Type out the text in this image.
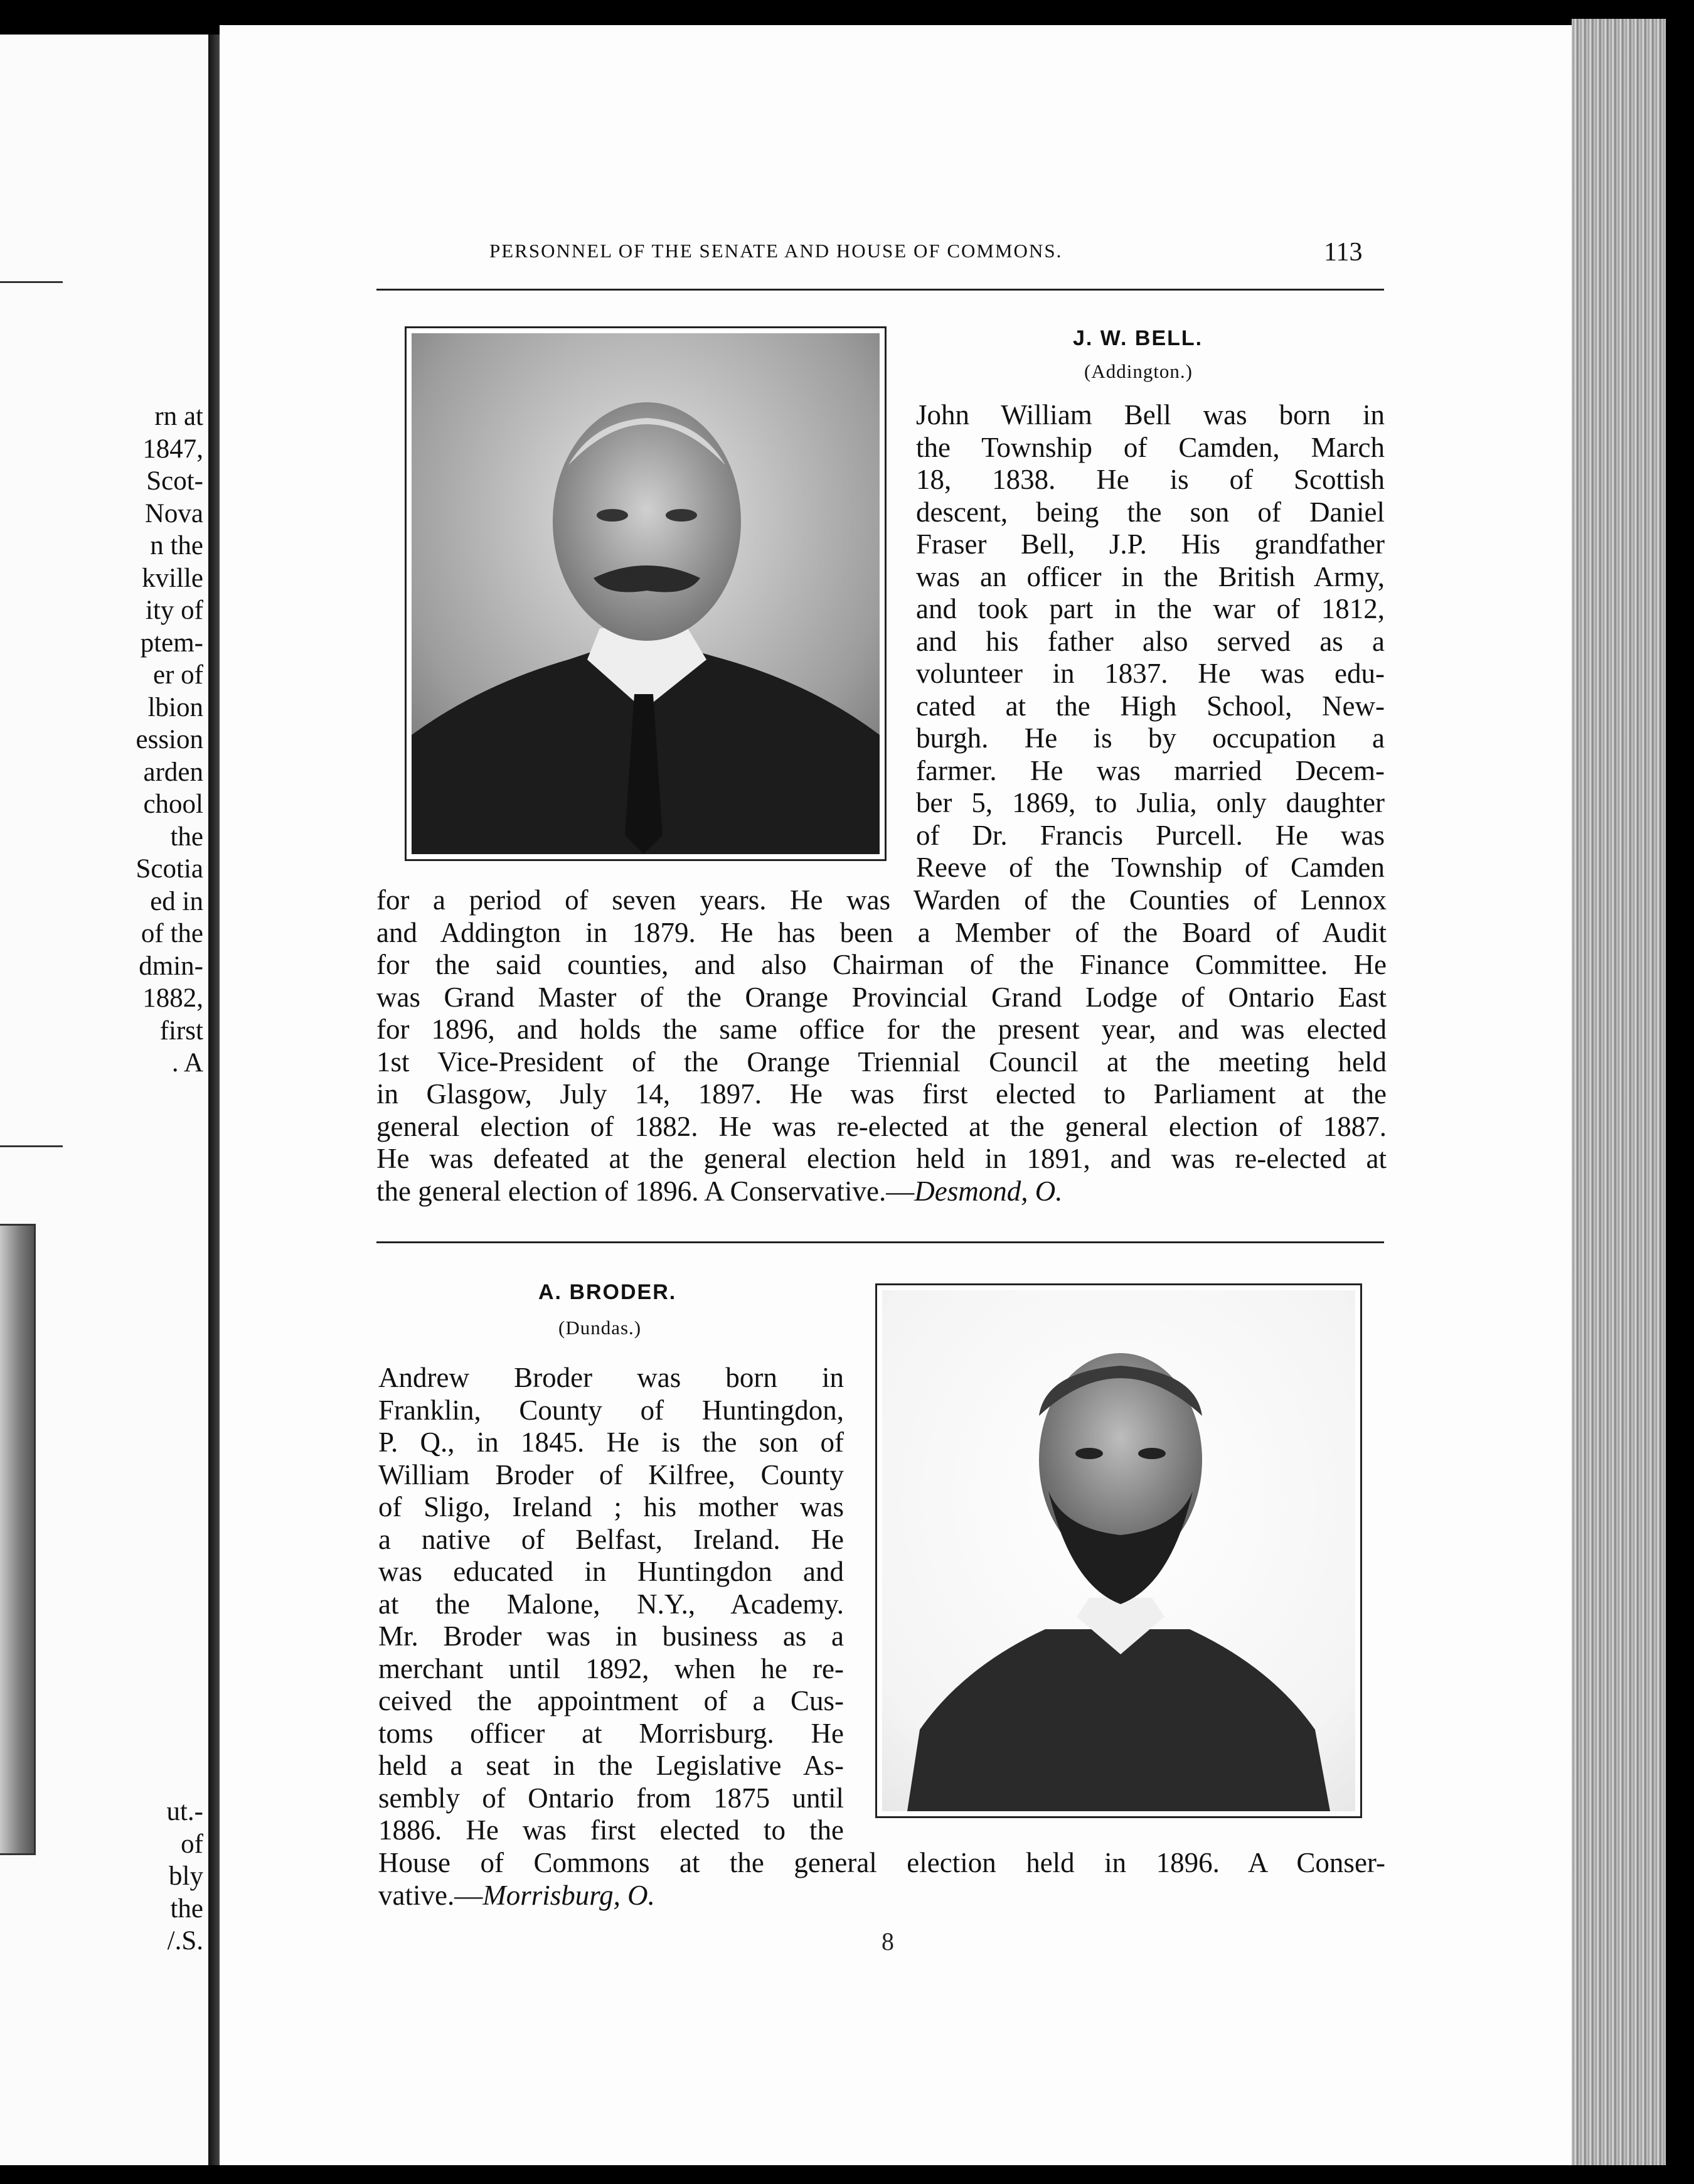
rn at
1847,
Scot-
Nova
n the
kville
ity of
ptem-
er of
lbion
ession
arden
chool
the
Scotia
ed in
of the
dmin-
1882,
first
. A
ut.-
of
bly
the
/.S.
PERSONNEL OF THE SENATE AND HOUSE OF COMMONS.	113
J. W. BELL.
(Addington.)
John William Bell was born in
the Township of Camden, March
18, 1838. He is of Scottish
descent, being the son of Daniel
Fraser Bell, J.P. His grandfather
was an officer in the British Army,
and took part in the war of 1812,
and his father also served as a
volunteer in 1837. He was edu-
cated at the High School, New-
burgh. He is by occupation a
farmer. He was married Decem-
ber 5, 1869, to Julia, only daughter
of Dr. Francis Purcell. He was
Reeve of the Township of Camden
for a period of seven years. He was Warden of the Counties of Lennox
and Addington in 1879. He has been a Member of the Board of Audit
for the said counties, and also Chairman of the Finance Committee. He
was Grand Master of the Orange Provincial Grand Lodge of Ontario East
for 1896, and holds the same office for the present year, and was elected
1st Vice-President of the Orange Triennial Council at the meeting held
in Glasgow, July 14, 1897. He was first elected to Parliament at the
general election of 1882. He was re-elected at the general election of 1887.
He was defeated at the general election held in 1891, and was re-elected at
the general election of 1896. A Conservative.—Desmond, O.
A. BRODER.
(Dundas.)
Andrew Broder was born in
Franklin, County of Huntingdon,
P. Q., in 1845. He is the son of
William Broder of Kilfree, County
of Sligo, Ireland ; his mother was
a native of Belfast, Ireland. He
was educated in Huntingdon and
at the Malone, N.Y., Academy.
Mr. Broder was in business as a
merchant until 1892, when he re-
ceived the appointment of a Cus-
toms officer at Morrisburg. He
held a seat in the Legislative As-
sembly of Ontario from 1875 until
1886. He was first elected to the
House of Commons at the general election held in 1896. A Conser-
vative.—Morrisburg, O.
8
